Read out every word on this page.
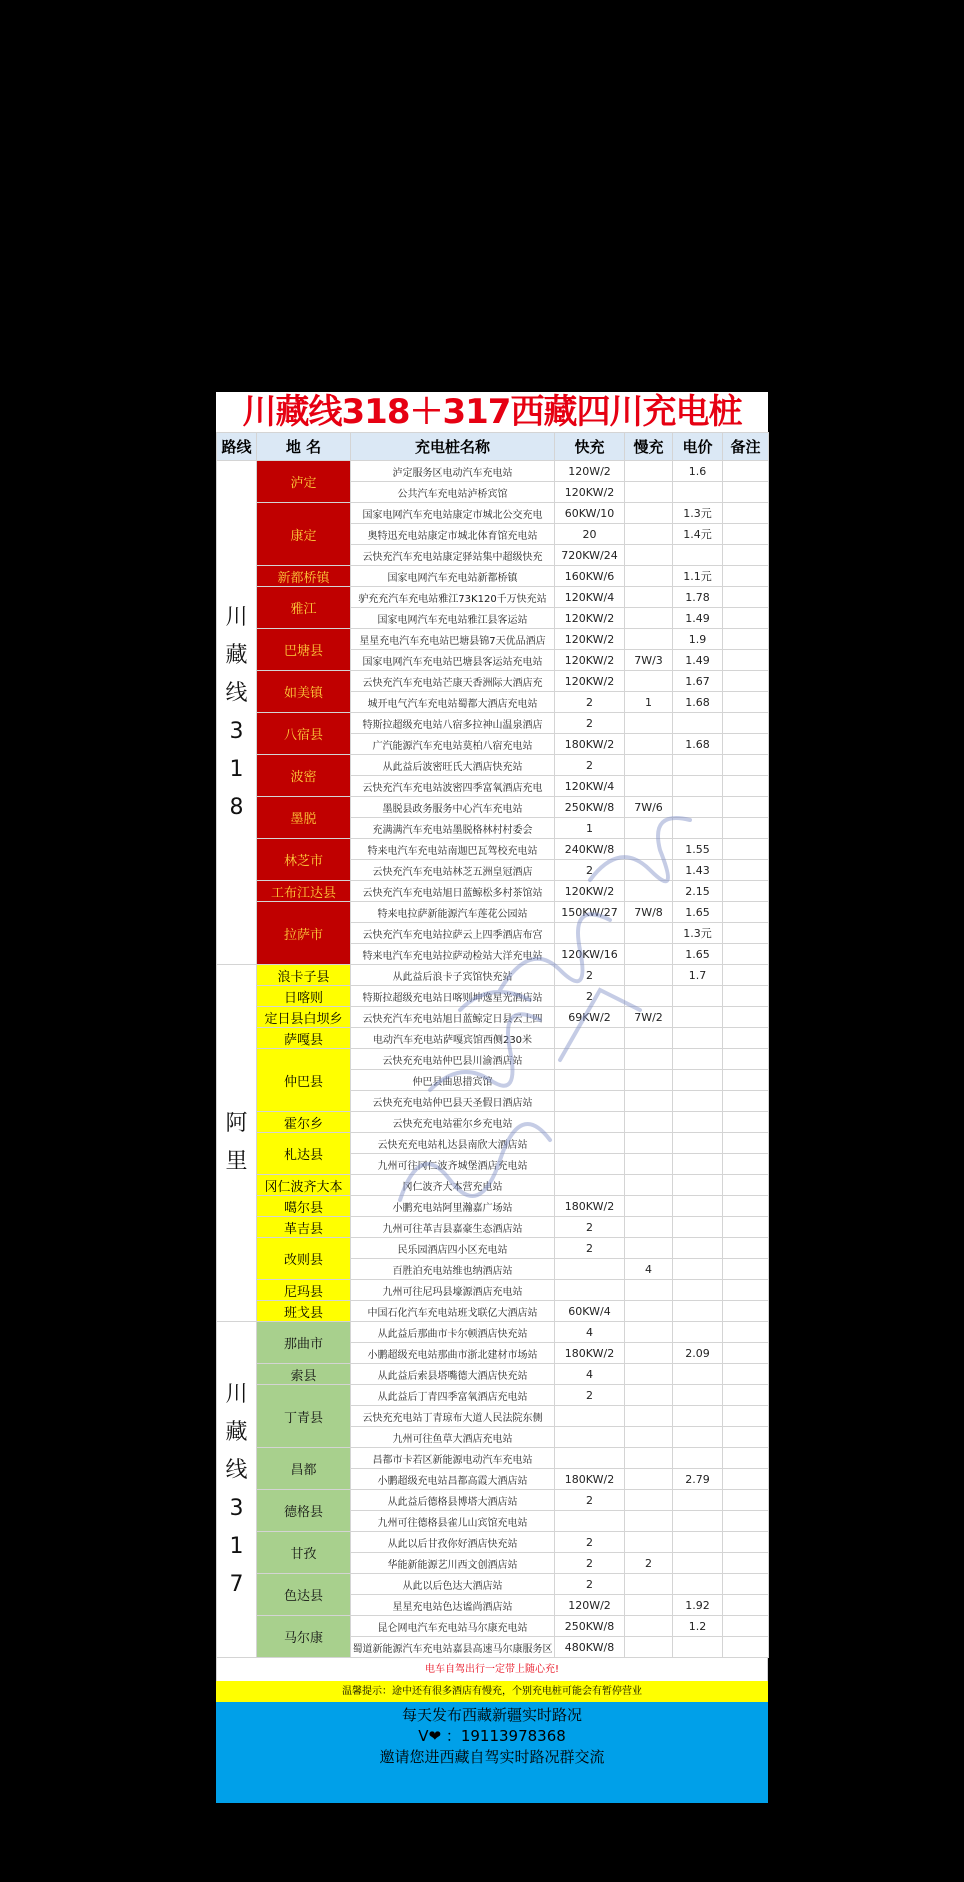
川藏线318＋317西藏四川充电桩
路线	地 名	充电桩名称	快充	慢充	电价	备注
川藏线318	泸定	泸定服务区电动汽车充电站	120W/2		1.6	
		公共汽车充电站泸桥宾馆	120KW/2			
	康定	国家电网汽车充电站康定市城北公交充电	60KW/10		1.3元	
		奥特迅充电站康定市城北体育馆充电站	20		1.4元	
		云快充汽车充电站康定驿站集中超级快充	720KW/24			
	新都桥镇	国家电网汽车充电站新都桥镇	160KW/6		1.1元	
	雅江	驴充充汽车充电站雅江73K120千万快充站	120KW/4		1.78	
		国家电网汽车充电站雅江县客运站	120KW/2		1.49	
	巴塘县	星星充电汽车充电站巴塘县锦7天优品酒店	120KW/2		1.9	
		国家电网汽车充电站巴塘县客运站充电站	120KW/2	7W/3	1.49	
	如美镇	云快充汽车充电站芒康天香洲际大酒店充	120KW/2		1.67	
		城开电气汽车充电站蜀都大酒店充电站	2	1	1.68	
	八宿县	特斯拉超级充电站八宿多拉神山温泉酒店	2			
		广汽能源汽车充电站莫柏八宿充电站	180KW/2		1.68	
	波密	从此益后波密旺氏大酒店快充站	2			
		云快充汽车充电站波密四季富氧酒店充电	120KW/4			
	墨脱	墨脱县政务服务中心汽车充电站	250KW/8	7W/6		
		充满满汽车充电站墨脱格林村村委会	1			
	林芝市	特来电汽车充电站南迦巴瓦驾校充电站	240KW/8		1.55	
		云快充汽车充电站林芝五洲皇冠酒店	2		1.43	
	工布江达县	云快充汽车充电站旭日蓝鲸松多村茶馆站	120KW/2		2.15	
	拉萨市	特来电拉萨新能源汽车莲花公园站	150KW/27	7W/8	1.65	
		云快充汽车充电站拉萨云上四季酒店布宫			1.3元	
		特来电汽车充电站拉萨动检站大洋充电站	120KW/16		1.65	
阿里	浪卡子县	从此益后浪卡子宾馆快充站	2		1.7	
	日喀则	特斯拉超级充电站日喀则坤逸星光酒店站	2			
	定日县白坝乡	云快充汽车充电站旭日蓝鲸定日县云上四	69KW/2	7W/2		
	萨嘎县	电动汽车充电站萨嘎宾馆西侧230米				
	仲巴县	云快充充电站仲巴县川渝酒店站				
		仲巴县曲思措宾馆				
		云快充充电站仲巴县天圣假日酒店站				
	霍尔乡	云快充充电站霍尔乡充电站				
	札达县	云快充充电站札达县南欣大酒店站				
		九州可往冈仁波齐城堡酒店充电站				
	冈仁波齐大本	冈仁波齐大本营充电站				
	噶尔县	小鹏充电站阿里瀚嘉广场站	180KW/2			
	革吉县	九州可往革吉县嘉豪生态酒店站	2			
	改则县	民乐园酒店四小区充电站	2			
		百胜泊充电站维也纳酒店站		4		
	尼玛县	九州可往尼玛县壕源酒店充电站				
	班戈县	中国石化汽车充电站班戈联亿大酒店站	60KW/4			
川藏线317	那曲市	从此益后那曲市卡尔顿酒店快充站	4			
		小鹏超级充电站那曲市浙北建材市场站	180KW/2		2.09	
	索县	从此益后索县塔嘴德大酒店快充站	4			
	丁青县	从此益后丁青四季富氧酒店充电站	2			
		云快充充电站丁青琼布大道人民法院东侧				
		九州可往鱼草大酒店充电站				
	昌都	昌都市卡若区新能源电动汽车充电站				
		小鹏超级充电站昌都高霞大酒店站	180KW/2		2.79	
	德格县	从此益后德格县博塔大酒店站	2			
		九州可往德格县雀儿山宾馆充电站				
	甘孜	从此以后甘孜你好酒店快充站	2			
		华能新能源艺川西文创酒店站	2	2		
	色达县	从此以后色达大酒店站	2			
		星星充电站色达谧尚酒店站	120W/2		1.92	
	马尔康	昆仑网电汽车充电站马尔康充电站	250KW/8		1.2	
		蜀道新能源汽车充电站嘉县高速马尔康服务区	480KW/8			
电车自驾出行一定带上随心充!
温馨提示：途中还有很多酒店有慢充，个别充电桩可能会有暂停营业
每天发布西藏新疆实时路况
V❤ ：19113978368
邀请您进西藏自驾实时路况群交流
